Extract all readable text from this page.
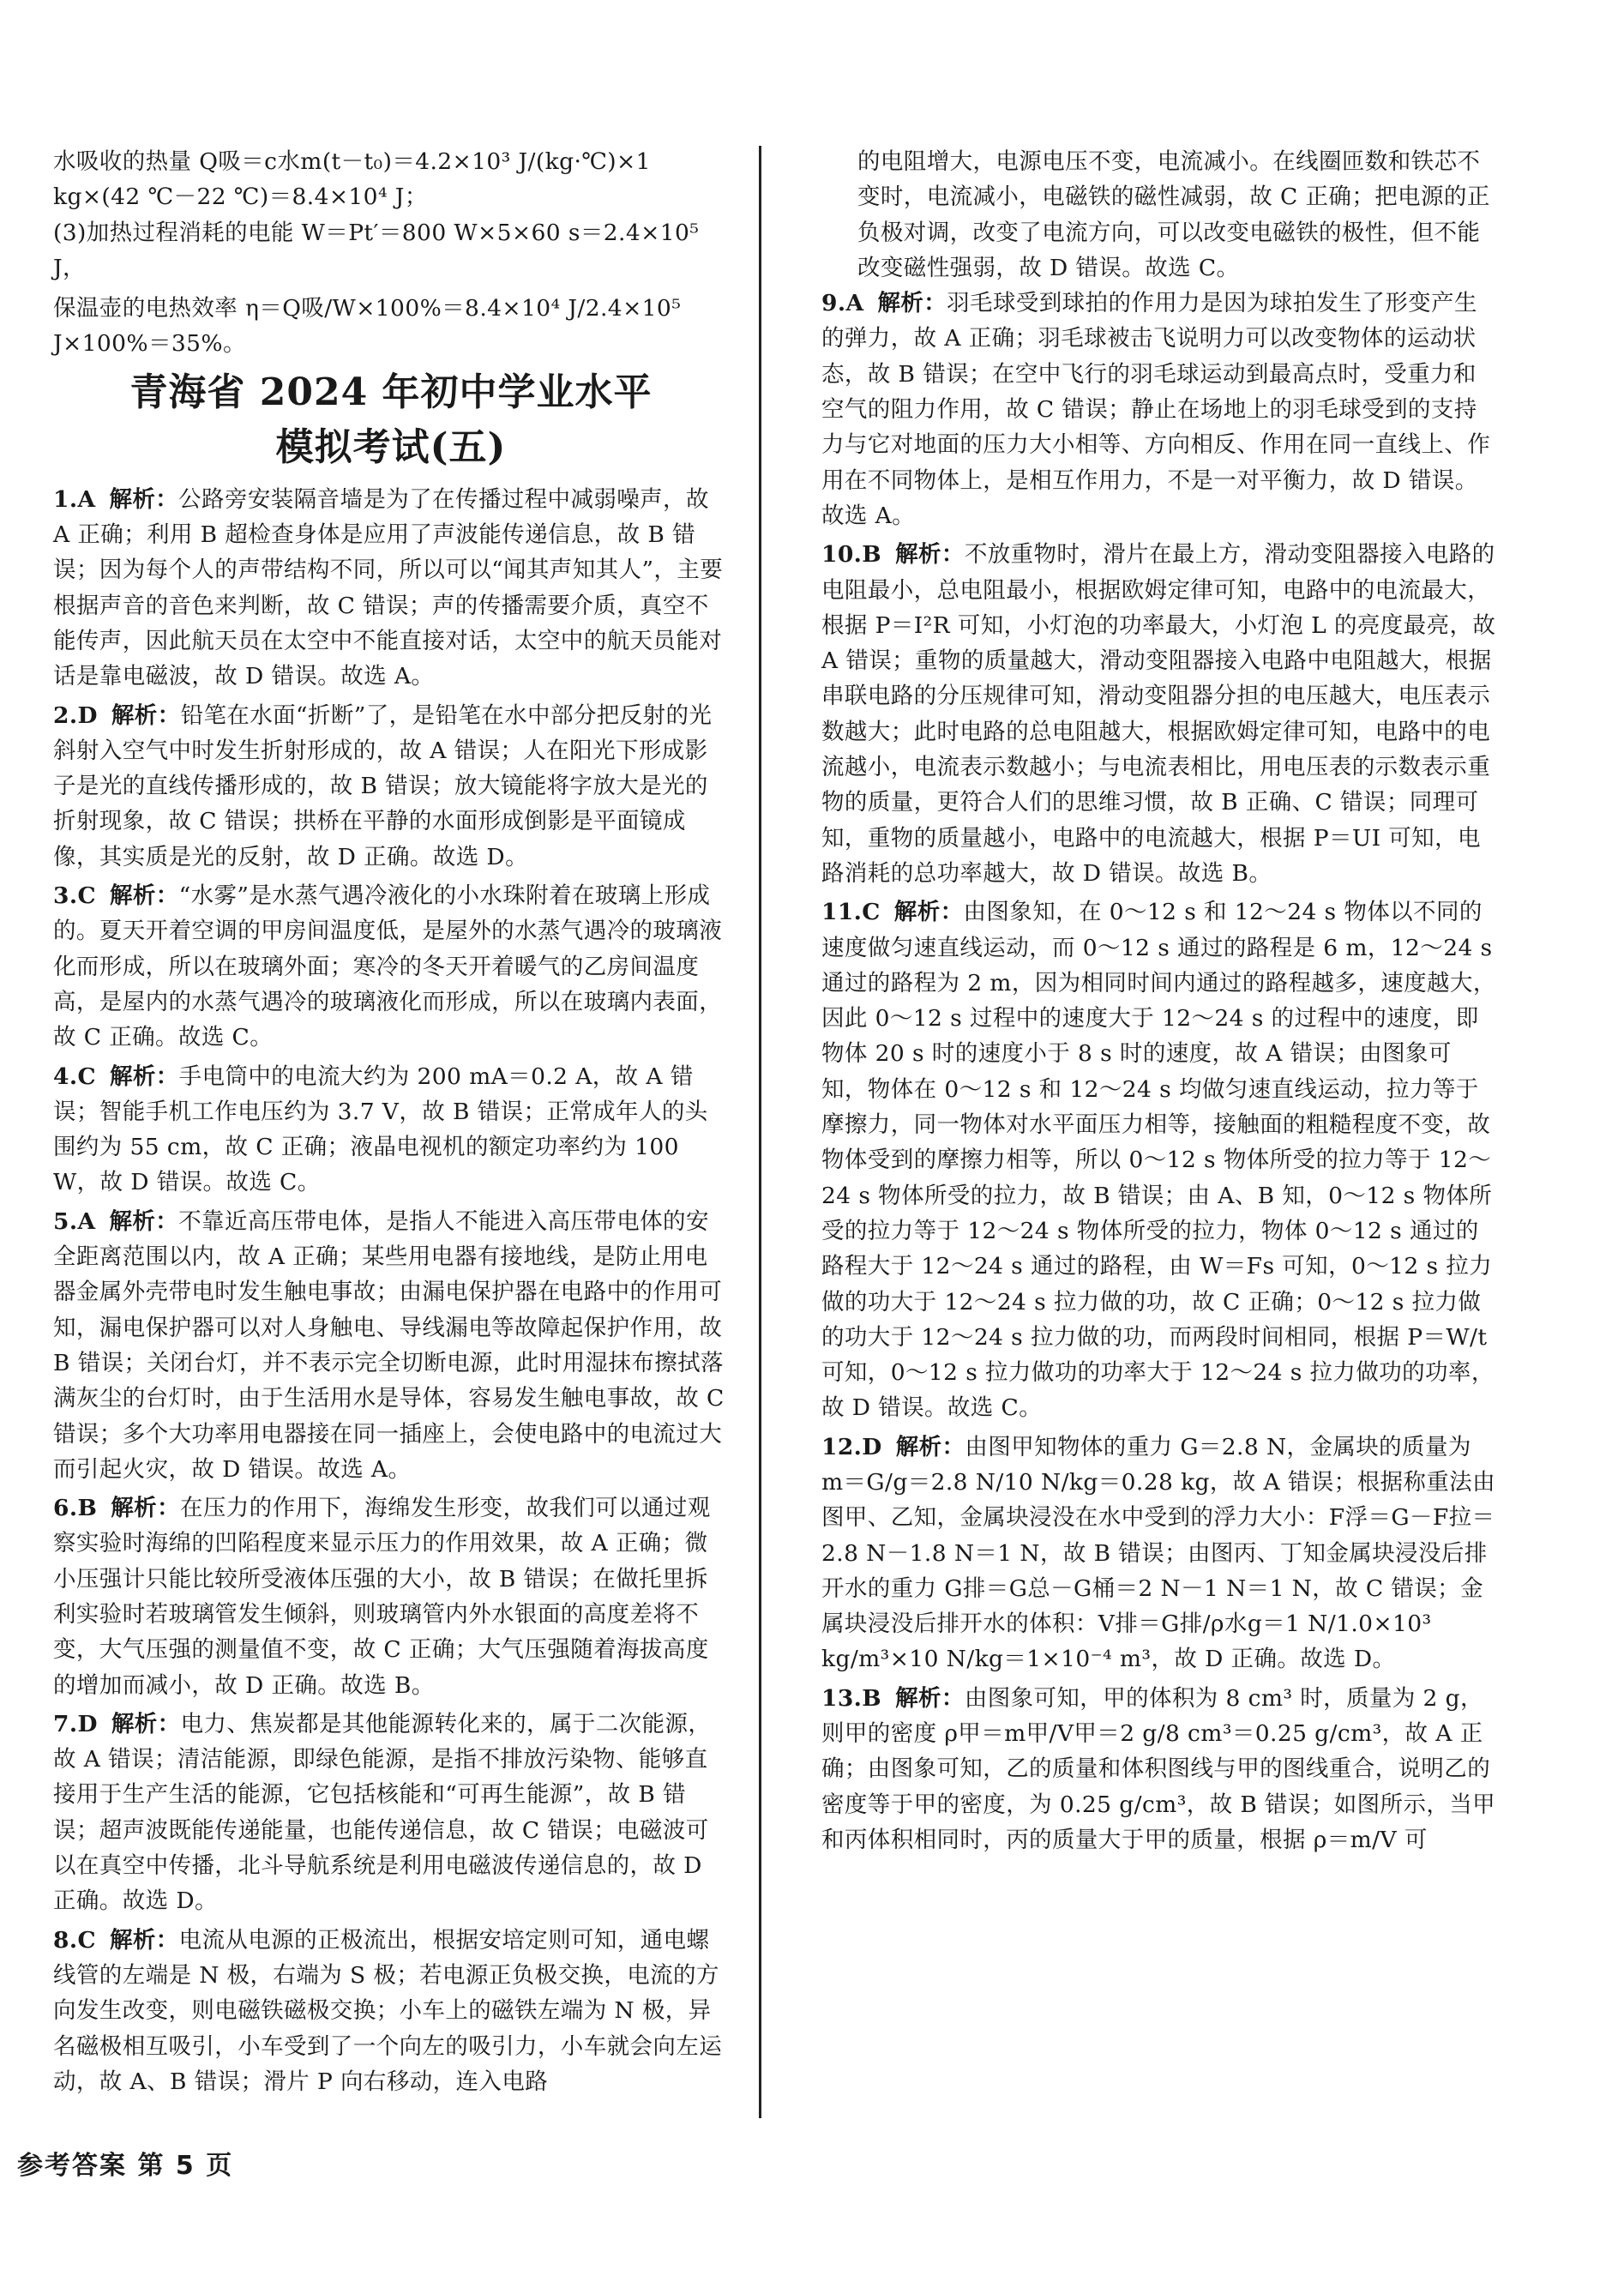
水吸收的热量 Q吸＝c水m(t－t₀)＝4.2×10³ J/(kg·℃)×1 kg×(42 ℃－22 ℃)＝8.4×10⁴ J；

(3)加热过程消耗的电能 W＝Pt′＝800 W×5×60 s＝2.4×10⁵ J，

保温壶的电热效率 η＝Q吸/W×100%＝8.4×10⁴ J/2.4×10⁵ J×100%＝35%。

青海省 2024 年初中学业水平
模拟考试(五)
1.A 解析：公路旁安装隔音墙是为了在传播过程中减弱噪声，故 A 正确；利用 B 超检查身体是应用了声波能传递信息，故 B 错误；因为每个人的声带结构不同，所以可以“闻其声知其人”，主要根据声音的音色来判断，故 C 错误；声的传播需要介质，真空不能传声，因此航天员在太空中不能直接对话，太空中的航天员能对话是靠电磁波，故 D 错误。故选 A。
2.D 解析：铅笔在水面“折断”了，是铅笔在水中部分把反射的光斜射入空气中时发生折射形成的，故 A 错误；人在阳光下形成影子是光的直线传播形成的，故 B 错误；放大镜能将字放大是光的折射现象，故 C 错误；拱桥在平静的水面形成倒影是平面镜成像，其实质是光的反射，故 D 正确。故选 D。
3.C 解析：“水雾”是水蒸气遇冷液化的小水珠附着在玻璃上形成的。夏天开着空调的甲房间温度低，是屋外的水蒸气遇冷的玻璃液化而形成，所以在玻璃外面；寒冷的冬天开着暖气的乙房间温度高，是屋内的水蒸气遇冷的玻璃液化而形成，所以在玻璃内表面，故 C 正确。故选 C。
4.C 解析：手电筒中的电流大约为 200 mA＝0.2 A，故 A 错误；智能手机工作电压约为 3.7 V，故 B 错误；正常成年人的头围约为 55 cm，故 C 正确；液晶电视机的额定功率约为 100 W，故 D 错误。故选 C。
5.A 解析：不靠近高压带电体，是指人不能进入高压带电体的安全距离范围以内，故 A 正确；某些用电器有接地线，是防止用电器金属外壳带电时发生触电事故；由漏电保护器在电路中的作用可知，漏电保护器可以对人身触电、导线漏电等故障起保护作用，故 B 错误；关闭台灯，并不表示完全切断电源，此时用湿抹布擦拭落满灰尘的台灯时，由于生活用水是导体，容易发生触电事故，故 C 错误；多个大功率用电器接在同一插座上，会使电路中的电流过大而引起火灾，故 D 错误。故选 A。
6.B 解析：在压力的作用下，海绵发生形变，故我们可以通过观察实验时海绵的凹陷程度来显示压力的作用效果，故 A 正确；微小压强计只能比较所受液体压强的大小，故 B 错误；在做托里拆利实验时若玻璃管发生倾斜，则玻璃管内外水银面的高度差将不变，大气压强的测量值不变，故 C 正确；大气压强随着海拔高度的增加而减小，故 D 正确。故选 B。
7.D 解析：电力、焦炭都是其他能源转化来的，属于二次能源，故 A 错误；清洁能源，即绿色能源，是指不排放污染物、能够直接用于生产生活的能源，它包括核能和“可再生能源”，故 B 错误；超声波既能传递能量，也能传递信息，故 C 错误；电磁波可以在真空中传播，北斗导航系统是利用电磁波传递信息的，故 D 正确。故选 D。
8.C 解析：电流从电源的正极流出，根据安培定则可知，通电螺线管的左端是 N 极，右端为 S 极；若电源正负极交换，电流的方向发生改变，则电磁铁磁极交换；小车上的磁铁左端为 N 极，异名磁极相互吸引，小车受到了一个向左的吸引力，小车就会向左运动，故 A、B 错误；滑片 P 向右移动，连入电路

的电阻增大，电源电压不变，电流减小。在线圈匝数和铁芯不变时，电流减小，电磁铁的磁性减弱，故 C 正确；把电源的正负极对调，改变了电流方向，可以改变电磁铁的极性，但不能改变磁性强弱，故 D 错误。故选 C。

9.A 解析：羽毛球受到球拍的作用力是因为球拍发生了形变产生的弹力，故 A 正确；羽毛球被击飞说明力可以改变物体的运动状态，故 B 错误；在空中飞行的羽毛球运动到最高点时，受重力和空气的阻力作用，故 C 错误；静止在场地上的羽毛球受到的支持力与它对地面的压力大小相等、方向相反、作用在同一直线上、作用在不同物体上，是相互作用力，不是一对平衡力，故 D 错误。故选 A。
10.B 解析：不放重物时，滑片在最上方，滑动变阻器接入电路的电阻最小，总电阻最小，根据欧姆定律可知，电路中的电流最大，根据 P＝I²R 可知，小灯泡的功率最大，小灯泡 L 的亮度最亮，故 A 错误；重物的质量越大，滑动变阻器接入电路中电阻越大，根据串联电路的分压规律可知，滑动变阻器分担的电压越大，电压表示数越大；此时电路的总电阻越大，根据欧姆定律可知，电路中的电流越小，电流表示数越小；与电流表相比，用电压表的示数表示重物的质量，更符合人们的思维习惯，故 B 正确、C 错误；同理可知，重物的质量越小，电路中的电流越大，根据 P＝UI 可知，电路消耗的总功率越大，故 D 错误。故选 B。
11.C 解析：由图象知，在 0～12 s 和 12～24 s 物体以不同的速度做匀速直线运动，而 0～12 s 通过的路程是 6 m，12～24 s 通过的路程为 2 m，因为相同时间内通过的路程越多，速度越大，因此 0～12 s 过程中的速度大于 12～24 s 的过程中的速度，即物体 20 s 时的速度小于 8 s 时的速度，故 A 错误；由图象可知，物体在 0～12 s 和 12～24 s 均做匀速直线运动，拉力等于摩擦力，同一物体对水平面压力相等，接触面的粗糙程度不变，故物体受到的摩擦力相等，所以 0～12 s 物体所受的拉力等于 12～24 s 物体所受的拉力，故 B 错误；由 A、B 知，0～12 s 物体所受的拉力等于 12～24 s 物体所受的拉力，物体 0～12 s 通过的路程大于 12～24 s 通过的路程，由 W＝Fs 可知，0～12 s 拉力做的功大于 12～24 s 拉力做的功，故 C 正确；0～12 s 拉力做的功大于 12～24 s 拉力做的功，而两段时间相同，根据 P＝W/t 可知，0～12 s 拉力做功的功率大于 12～24 s 拉力做功的功率，故 D 错误。故选 C。
12.D 解析：由图甲知物体的重力 G＝2.8 N，金属块的质量为 m＝G/g＝2.8 N/10 N/kg＝0.28 kg，故 A 错误；根据称重法由图甲、乙知，金属块浸没在水中受到的浮力大小：F浮＝G－F拉＝2.8 N－1.8 N＝1 N，故 B 错误；由图丙、丁知金属块浸没后排开水的重力 G排＝G总－G桶＝2 N－1 N＝1 N，故 C 错误；金属块浸没后排开水的体积：V排＝G排/ρ水g＝1 N/1.0×10³ kg/m³×10 N/kg＝1×10⁻⁴ m³，故 D 正确。故选 D。
13.B 解析：由图象可知，甲的体积为 8 cm³ 时，质量为 2 g，则甲的密度 ρ甲＝m甲/V甲＝2 g/8 cm³＝0.25 g/cm³，故 A 正确；由图象可知，乙的质量和体积图线与甲的图线重合，说明乙的密度等于甲的密度，为 0.25 g/cm³，故 B 错误；如图所示，当甲和丙体积相同时，丙的质量大于甲的质量，根据 ρ＝m/V 可
参考答案 第 5 页
